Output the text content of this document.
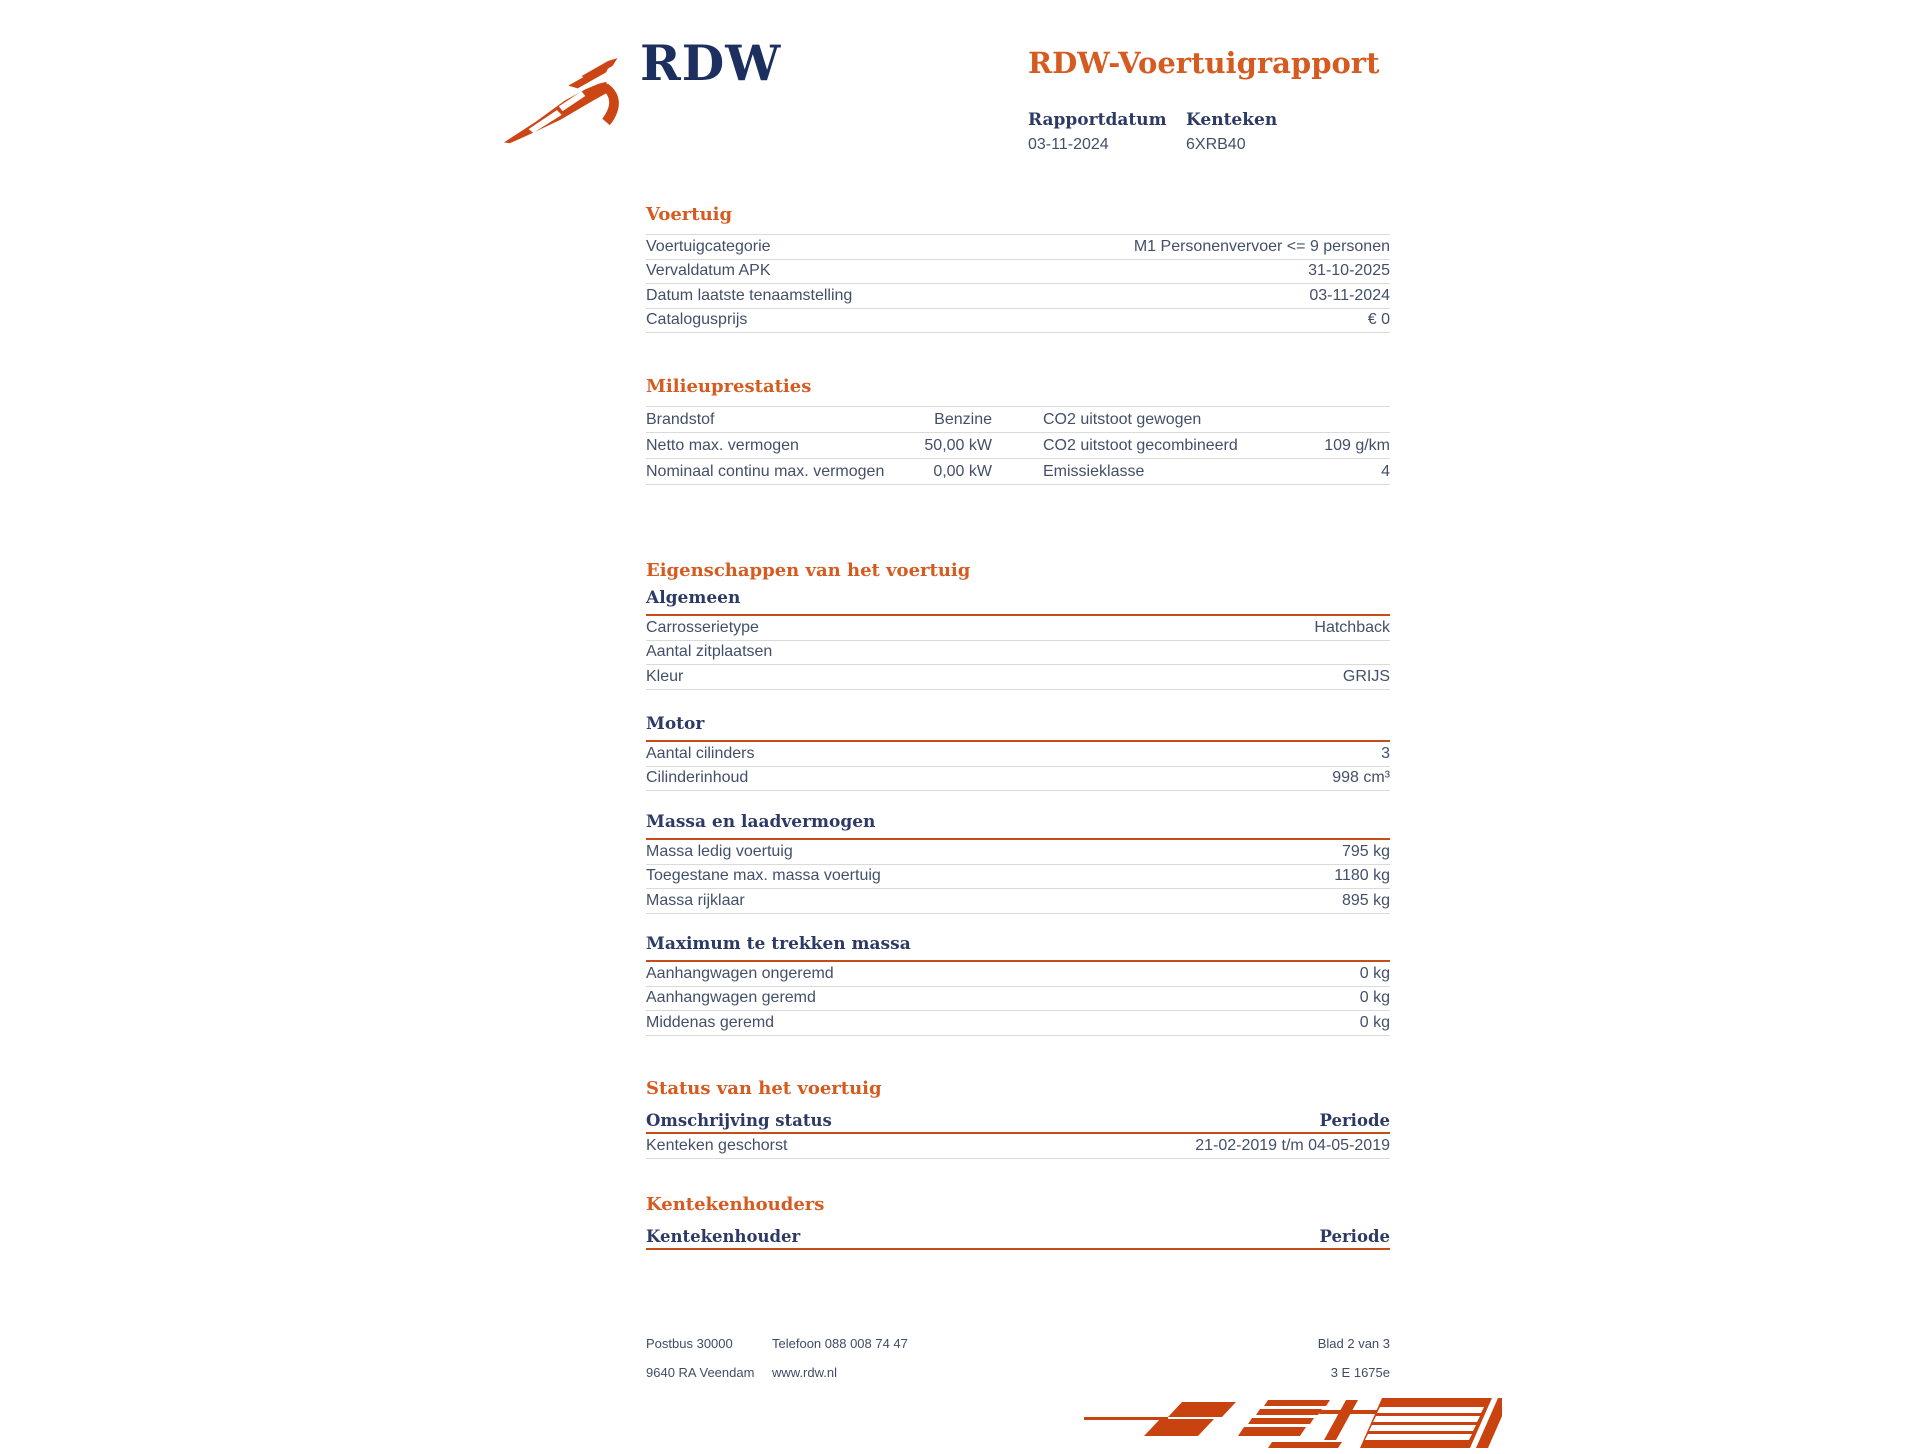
RDW	RDW-Voertuigrapport
Rapportdatum
03-11-2024
Kenteken
6XRB40
Voertuig
Voertuigcategorie	M1 Personenvervoer <= 9 personen
Vervaldatum APK	31-10-2025
Datum laatste tenaamstelling	03-11-2024
Catalogusprijs	€ 0
Milieuprestaties
Brandstof	Benzine	CO2 uitstoot gewogen
Netto max. vermogen	50,00 kW	CO2 uitstoot gecombineerd	109 g/km
Nominaal continu max. vermogen	0,00 kW	Emissieklasse	4
Eigenschappen van het voertuig
Algemeen
Carrosserietype	Hatchback
Aantal zitplaatsen
Kleur	GRIJS
Motor
Aantal cilinders	3
Cilinderinhoud	998 cm³
Massa en laadvermogen
Massa ledig voertuig	795 kg
Toegestane max. massa voertuig	1180 kg
Massa rijklaar	895 kg
Maximum te trekken massa
Aanhangwagen ongeremd	0 kg
Aanhangwagen geremd	0 kg
Middenas geremd	0 kg
Status van het voertuig
Omschrijving status	Periode
Kenteken geschorst	21-02-2019 t/m 04-05-2019
Kentekenhouders
Kentekenhouder	Periode
Postbus 30000	Telefoon 088 008 74 47	Blad 2 van 3
9640 RA Veendam	www.rdw.nl	3 E 1675e
